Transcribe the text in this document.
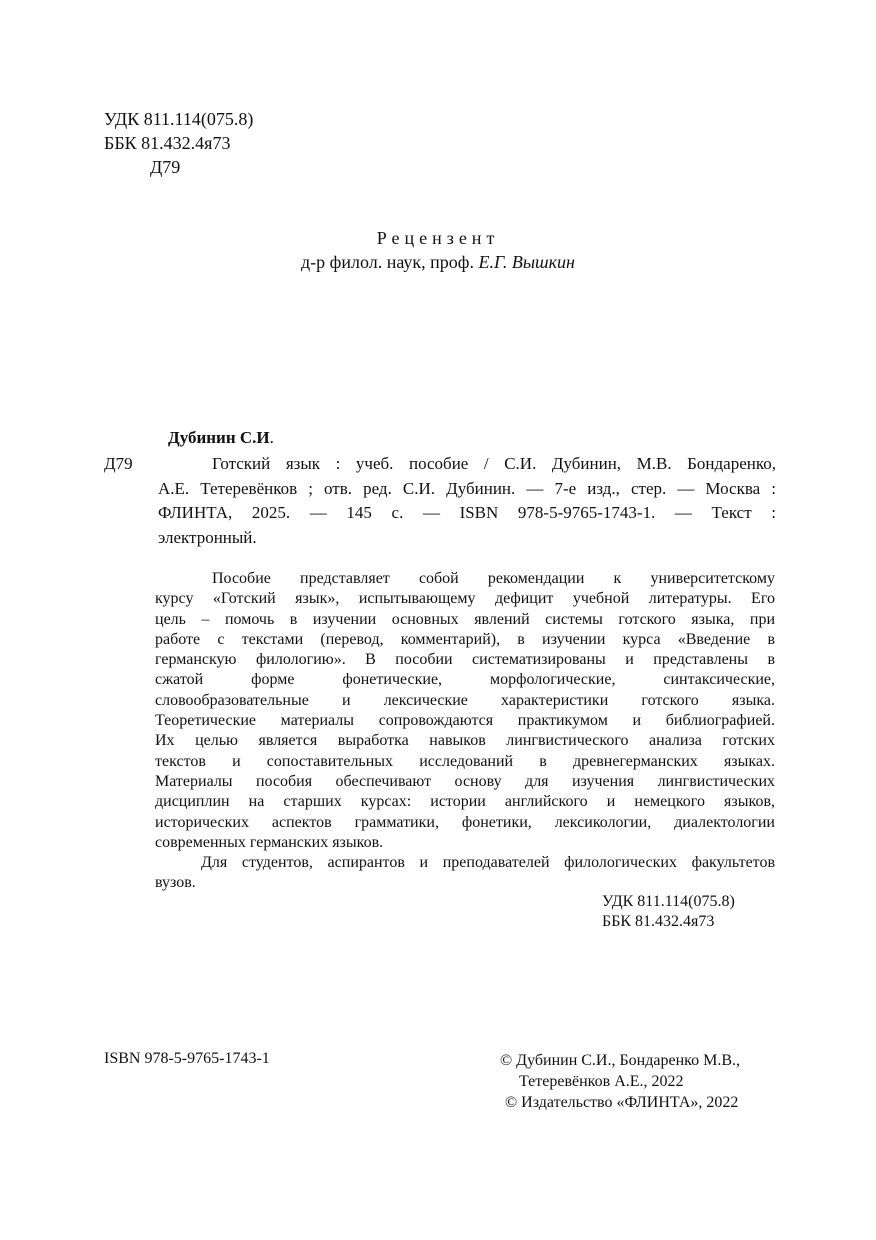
УДК 811.114(075.8)
ББК 81.432.4я73
Д79
Рецензент
д-р филол. наук, проф. Е.Г. Вышкин
Дубинин С.И.
Д79	Готский язык : учеб. пособие / С.И. Дубинин, М.В. Бондаренко,
А.Е. Тетеревёнков ; отв. ред. С.И. Дубинин. — 7-е изд., стер. — Москва :
ФЛИНТА, 2025. — 145 с. — ISBN 978-5-9765-1743-1. — Текст :
электронный.
Пособие представляет собой рекомендации к университетскому
курсу «Готский язык», испытывающему дефицит учебной литературы. Его
цель – помочь в изучении основных явлений системы готского языка, при
работе с текстами (перевод, комментарий), в изучении курса «Введение в
германскую филологию». В пособии систематизированы и представлены в
сжатой форме фонетические, морфологические, синтаксические,
словообразовательные и лексические характеристики готского языка.
Теоретические материалы сопровождаются практикумом и библиографией.
Их целью является выработка навыков лингвистического анализа готских
текстов и сопоставительных исследований в древнегерманских языках.
Материалы пособия обеспечивают основу для изучения лингвистических
дисциплин на старших курсах: истории английского и немецкого языков,
исторических аспектов грамматики, фонетики, лексикологии, диалектологии
современных германских языков.
Для студентов, аспирантов и преподавателей филологических факультетов
вузов.
УДК 811.114(075.8)
ББК 81.432.4я73
ISBN 978-5-9765-1743-1	© Дубинин С.И., Бондаренко М.В.,
Тетеревёнков А.Е., 2022
© Издательство «ФЛИНТА», 2022
